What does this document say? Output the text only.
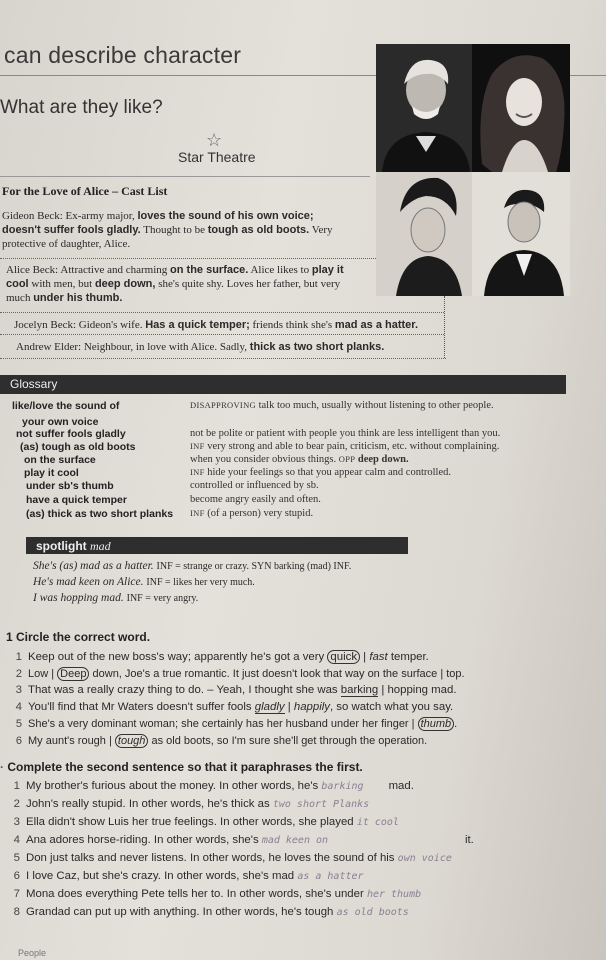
can describe character
What are they like?
☆
Star Theatre
For the Love of Alice – Cast List
Gideon Beck: Ex-army major, loves the sound of his own voice;
doesn't suffer fools gladly. Thought to be tough as old boots. Very
protective of daughter, Alice.
Alice Beck: Attractive and charming on the surface. Alice likes to play it
cool with men, but deep down, she's quite shy. Loves her father, but very
much under his thumb.
Jocelyn Beck: Gideon's wife. Has a quick temper; friends think she's mad as a hatter.
Andrew Elder: Neighbour, in love with Alice. Sadly, thick as two short planks.
Glossary
like/love the sound of	DISAPPROVING talk too much, usually without listening to other people.
your own voice
not suffer fools gladly	not be polite or patient with people you think are less intelligent than you.
(as) tough as old boots	INF very strong and able to bear pain, criticism, etc. without complaining.
on the surface	when you consider obvious things. OPP deep down.
play it cool	INF hide your feelings so that you appear calm and controlled.
under sb's thumb	controlled or influenced by sb.
have a quick temper	become angry easily and often.
(as) thick as two short planks INF (of a person) very stupid.
spotlight mad
She's (as) mad as a hatter. INF = strange or crazy. SYN barking (mad) INF.
He's mad keen on Alice. INF = likes her very much.
I was hopping mad. INF = very angry.
1 Circle the correct word.
1 Keep out of the new boss's way; apparently he's got a very quick | fast temper.
2 Low | Deep down, Joe's a true romantic. It just doesn't look that way on the surface | top.
3 That was a really crazy thing to do. – Yeah, I thought she was barking | hopping mad.
4 You'll find that Mr Waters doesn't suffer fools gladly | happily, so watch what you say.
5 She's a very dominant woman; she certainly has her husband under her finger | thumb .
6 My aunt's rough | tough as old boots, so I'm sure she'll get through the operation.
· Complete the second sentence so that it paraphrases the first.
1 My brother's furious about the money. In other words, he's barking mad.
2 John's really stupid. In other words, he's thick as two short Planks
3 Ella didn't show Luis her true feelings. In other words, she played it cool
4 Ana adores horse-riding. In other words, she's mad keen on	it.
5 Don just talks and never listens. In other words, he loves the sound of his own voice
6 I love Caz, but she's crazy. In other words, she's mad as a hatter
7 Mona does everything Pete tells her to. In other words, she's under her thumb
8 Grandad can put up with anything. In other words, he's tough as old boots
People
